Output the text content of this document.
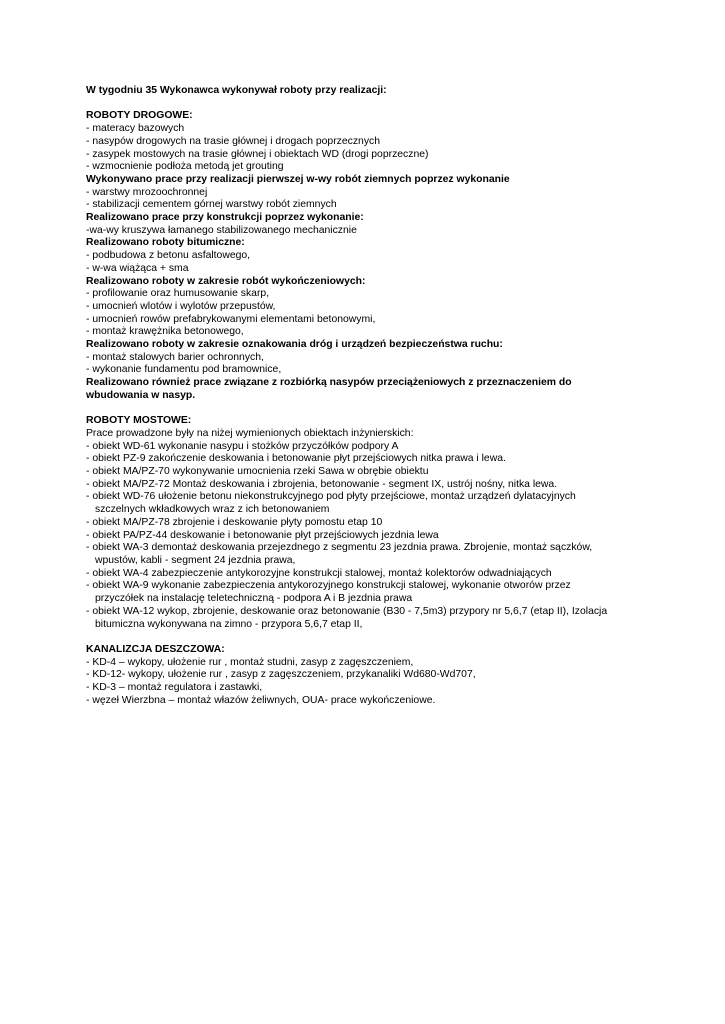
W tygodniu 35 Wykonawca wykonywał roboty przy realizacji:
ROBOTY DROGOWE:
- materacy bazowych
- nasypów drogowych na trasie głównej i drogach poprzecznych
- zasypek mostowych na trasie głównej i obiektach WD (drogi poprzeczne)
- wzmocnienie podłoża metodą jet grouting
Wykonywano prace przy realizacji pierwszej w-wy robót ziemnych poprzez wykonanie
- warstwy mrozoochronnej
- stabilizacji cementem górnej warstwy robót ziemnych
Realizowano prace przy konstrukcji poprzez wykonanie:
-wa-wy kruszywa łamanego stabilizowanego mechanicznie
Realizowano roboty bitumiczne:
- podbudowa z betonu asfaltowego,
- w-wa wiążąca + sma
Realizowano roboty w zakresie robót wykończeniowych:
- profilowanie oraz humusowanie skarp,
- umocnień wlotów i wylotów przepustów,
- umocnień rowów prefabrykowanymi elementami betonowymi,
- montaż krawężnika betonowego,
Realizowano roboty w zakresie oznakowania dróg i urządzeń bezpieczeństwa ruchu:
- montaż stalowych barier ochronnych,
- wykonanie fundamentu pod bramownice,
Realizowano również prace związane z rozbiórką nasypów przeciążeniowych z przeznaczeniem do
wbudowania w nasyp.
ROBOTY MOSTOWE:
Prace prowadzone były na niżej wymienionych obiektach inżynierskich:
- obiekt WD-61 wykonanie nasypu i stożków przyczółków podpory A
- obiekt PZ-9 zakończenie deskowania i betonowanie płyt przejściowych nitka prawa i lewa.
- obiekt MA/PZ-70 wykonywanie umocnienia rzeki Sawa w obrębie obiektu
- obiekt MA/PZ-72 Montaż deskowania i zbrojenia, betonowanie - segment IX, ustrój nośny, nitka lewa.
- obiekt WD-76 ułożenie betonu niekonstrukcyjnego pod płyty przejściowe, montaż urządzeń dylatacyjnych
szczelnych wkładkowych wraz z ich betonowaniem
- obiekt MA/PZ-78 zbrojenie i deskowanie płyty pomostu etap 10
- obiekt PA/PZ-44 deskowanie i betonowanie płyt przejściowych jezdnia lewa
- obiekt WA-3 demontaż deskowania przejezdnego z segmentu 23 jezdnia prawa. Zbrojenie, montaż sączków,
wpustów, kabli - segment 24 jezdnia prawa,
- obiekt WA-4 zabezpieczenie antykorozyjne konstrukcji stalowej, montaż kolektorów odwadniających
- obiekt WA-9 wykonanie zabezpieczenia antykorozyjnego konstrukcji stalowej, wykonanie otworów przez
przyczółek na instalację teletechniczną - podpora A i B jezdnia prawa
- obiekt WA-12 wykop, zbrojenie, deskowanie oraz betonowanie (B30 - 7,5m3) przypory nr 5,6,7 (etap II), Izolacja
bitumiczna wykonywana na zimno - przypora 5,6,7 etap II,
KANALIZCJA DESZCZOWA:
- KD-4 – wykopy, ułożenie rur , montaż studni, zasyp z zagęszczeniem,
- KD-12- wykopy, ułożenie rur , zasyp z zagęszczeniem, przykanaliki Wd680-Wd707,
- KD-3 – montaż regulatora i zastawki,
- węzeł Wierzbna – montaż włazów żeliwnych, OUA- prace wykończeniowe.
